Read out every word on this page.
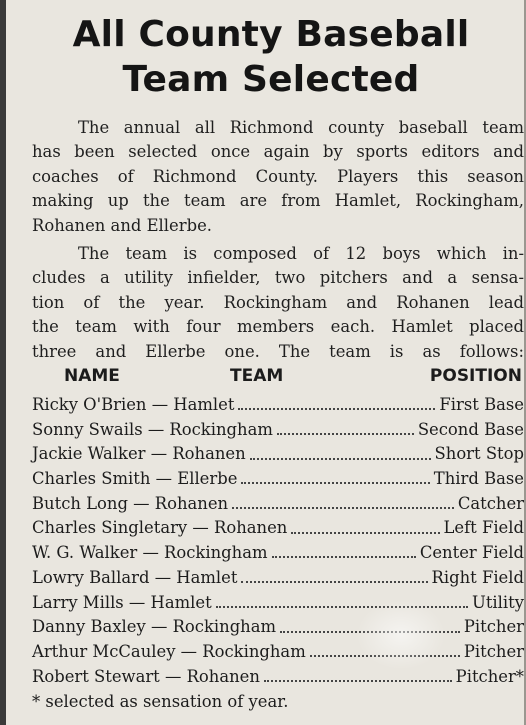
All County Baseball
Team Selected
The annual all Richmond county baseball team
has been selected once again by sports editors and
coaches of Richmond County. Players this season
making up the team are from Hamlet, Rockingham,
Rohanen and Ellerbe.
The team is composed of 12 boys which in-
cludes a utility infielder, two pitchers and a sensa-
tion of the year. Rockingham and Rohanen lead
the team with four members each. Hamlet placed
three and Ellerbe one. The team is as follows:
NAME	TEAM	POSITION
Ricky O'Brien — Hamlet	First Base
Sonny Swails — Rockingham	Second Base
Jackie Walker — Rohanen	Short Stop
Charles Smith — Ellerbe	Third Base
Butch Long — Rohanen	Catcher
Charles Singletary — Rohanen	Left Field
W. G. Walker — Rockingham	Center Field
Lowry Ballard — Hamlet	Right Field
Larry Mills — Hamlet	Utility
Danny Baxley — Rockingham	Pitcher
Arthur McCauley — Rockingham	Pitcher
Robert Stewart — Rohanen	Pitcher*
* selected as sensation of year.
